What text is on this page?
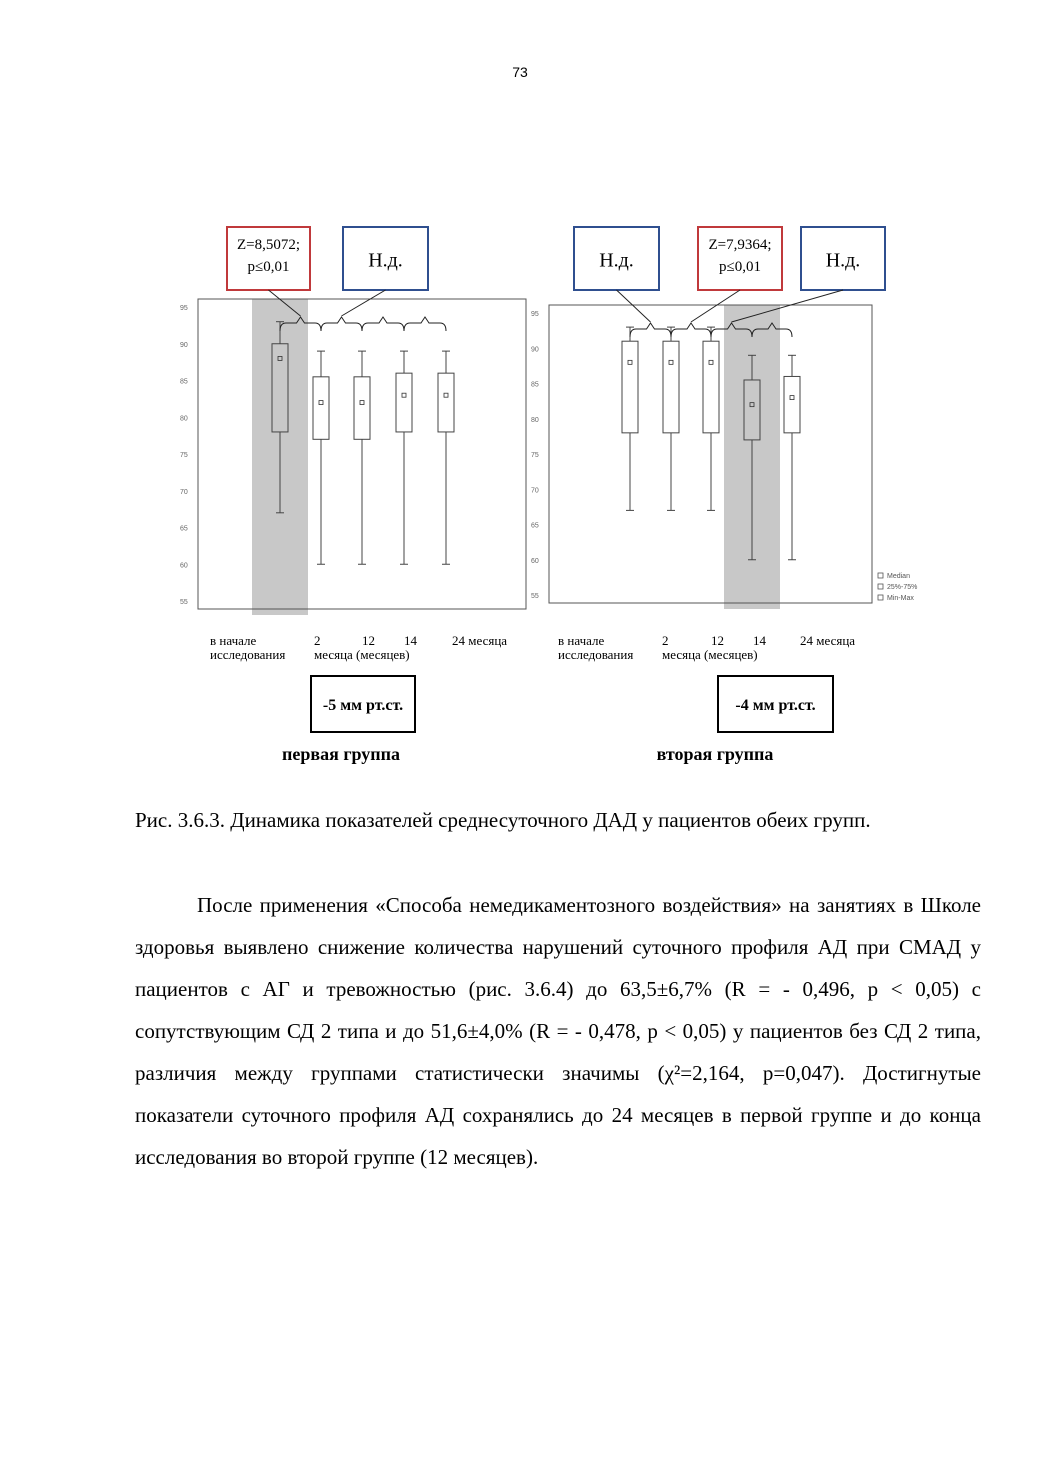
73
55
60
65
70
75
80
85
90
95
Z=8,5072;
p≤0,01	Н.д.
в начале
исследования
2
месяца (месяцев)
12 14	24 месяца
-5 мм рт.ст.
первая группа
55
60
65
70
75
80
85
90
95
Н.д.
Z=7,9364;
p≤0,01	Н.д.
в начале
исследования
2
месяца (месяцев)
12 14	24 месяца
-4 мм рт.ст.
вторая группа
Median
25%-75%
Min-Max
Рис. 3.6.3. Динамика показателей среднесуточного ДАД у пациентов обеих групп.
После применения «Способа немедикаментозного воздействия» на занятиях в Школе здоровья выявлено снижение количества нарушений суточного профиля АД при СМАД у пациентов с АГ и тревожностью (рис. 3.6.4) до 63,5±6,7% (R = - 0,496, p < 0,05) с сопутствующим СД 2 типа и до 51,6±4,0% (R = - 0,478, p < 0,05) у пациентов без СД 2 типа, различия между группами статистически значимы (χ²=2,164, p=0,047). Достигнутые показатели суточного профиля АД сохранялись до 24 месяцев в первой группе и до конца исследования во второй группе (12 месяцев).
